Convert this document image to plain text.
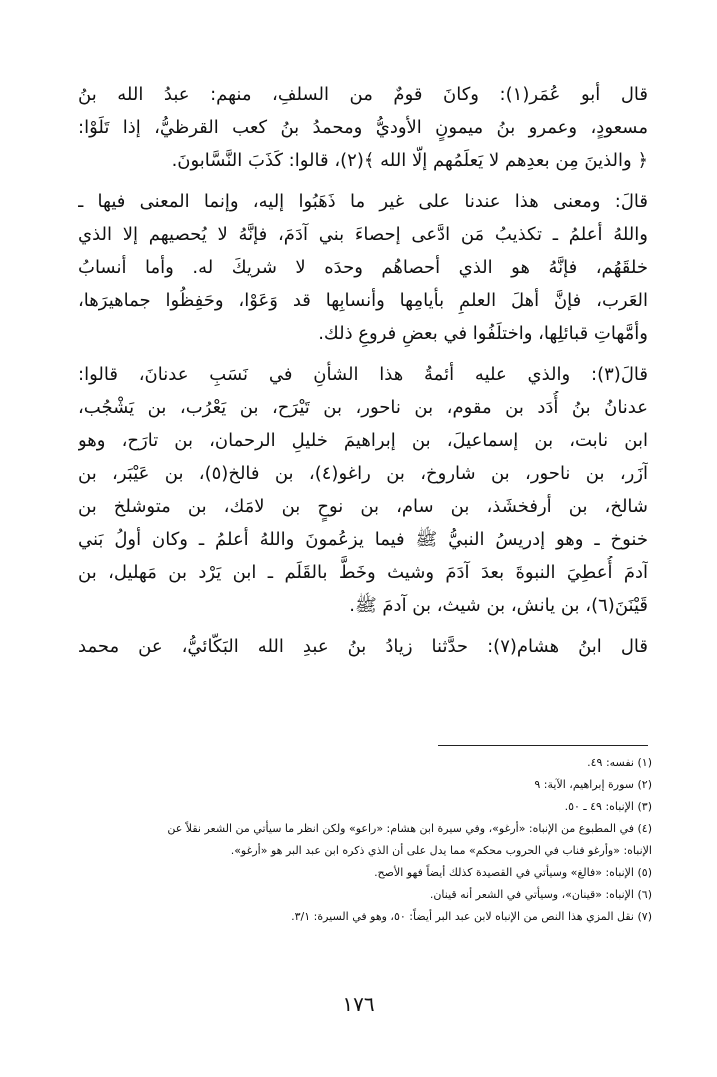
قال أبو عُمَر(١): وكانَ قومٌ من السلفِ، منهم: عبدُ الله بنُ
مسعودٍ، وعمرو بنُ ميمونٍ الأوديُّ ومحمدُ بنُ كعب القرظيُّ، إذا تَلَوْا:
﴿ والذينَ مِن بعدِهم لا يَعلَمُهم إلّا الله ﴾(٢)، قالوا: كَذَبَ النَّسَّابونَ.
قالَ: ومعنى هذا عندنا على غير ما ذَهَبُوا إليه، وإنما المعنى فيها ـ
واللهُ أعلمُ ـ تكذيبُ مَن ادَّعى إحصاءَ بني آدَمَ، فإنَّهُ لا يُحصيهم إلا الذي
خلقَهُم، فإنَّهُ هو الذي أحصاهُم وحدَه لا شريكَ له. وأما أنسابُ
العَرب، فإنَّ أهلَ العلمِ بأيامِها وأنسابِها قد وَعَوْا، وحَفِظُوا جماهيرَها،
وأمَّهاتِ قبائلِها، واختلَفُوا في بعضِ فروعِ ذلك.
قالَ(٣): والذي عليه أئمةُ هذا الشأنِ في نَسَبِ عدنانَ، قالوا:
عدنانُ بنُ أُدَد بن مقوم، بن ناحور، بن تَيْرَح، بن يَعْرُب، بن يَشْجُب،
ابن نابت، بن إسماعيلَ، بن إبراهيمَ خليلِ الرحمان، بن تارَح، وهو
آزَر، بن ناحور، بن شاروخ، بن راغو(٤)، بن فالخ(٥)، بن عَيْبَر، بن
شالخ، بن أرفخشَذ، بن سام، بن نوحٍ بن لامَك، بن متوشلخ بن
خنوخ ـ وهو إدريسُ النبيُّ ﷺ فيما يزعُمونَ واللهُ أعلمُ ـ وكان أولُ بَني
آدمَ أُعطِيَ النبوةَ بعدَ آدَمَ وشيث وخَطَّ بالقَلَم ـ ابن يَرْد بن مَهليل، بن
قَيْنَنَ(٦)، بن يانش، بن شيث، بن آدمَ ﷺ.
قال ابنُ هشام(٧): حدَّثنا زيادُ بنُ عبدِ الله البَكّائيُّ، عن محمد
(١) نفسه: ٤٩.
(٢) سورة إبراهيم، الآية: ٩
(٣) الإنباه: ٤٩ ـ ٥٠.
(٤) في المطبوع من الإنباه: «أرغو»، وفي سيرة ابن هشام: «راعو» ولكن انظر ما سيأتي من الشعر نقلاً عن
الإنباه: «وأرغو فناب في الحروب محكم» مما يدل على أن الذي ذكره ابن عبد البر هو «أرغو».
(٥) الإنباه: «فالغ» وسيأتي في القصيدة كذلك أيضاً فهو الأصح.
(٦) الإنباه: «قينان»، وسيأتي في الشعر أنه قينان.
(٧) نقل المزي هذا النص من الإنباه لابن عبد البر أيضاً: ٥٠، وهو في السيرة: ٣/١.
١٧٦
